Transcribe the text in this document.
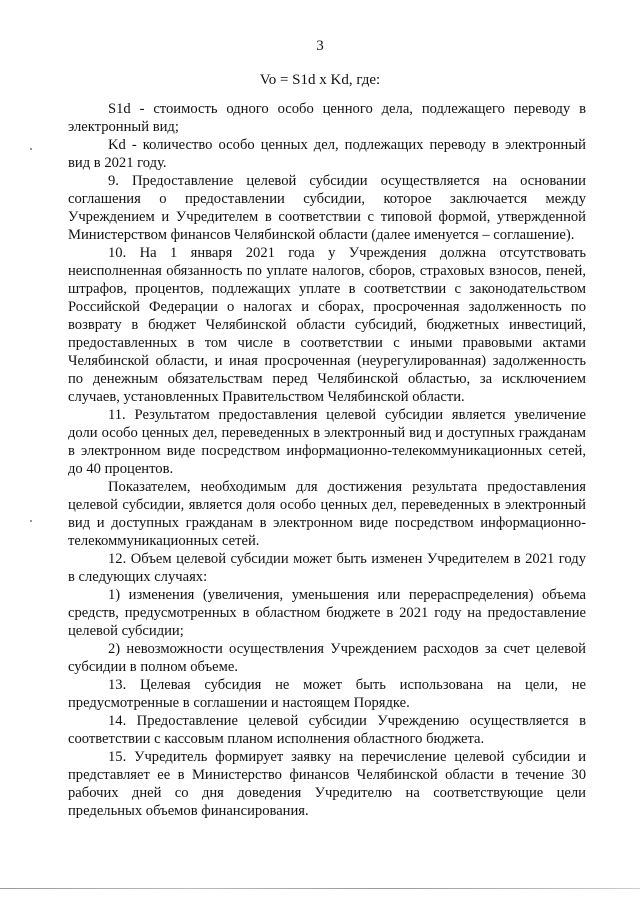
3
Vo = S1d x Kd, где:

S1d - стоимость одного особо ценного дела, подлежащего переводу в электронный вид;

Kd - количество особо ценных дел, подлежащих переводу в электронный вид в 2021 году.

9. Предоставление целевой субсидии осуществляется на основании соглашения о предоставлении субсидии, которое заключается между Учреждением и Учредителем в соответствии с типовой формой, утвержденной Министерством финансов Челябинской области (далее именуется – соглашение).

10. На 1 января 2021 года у Учреждения должна отсутствовать неисполненная обязанность по уплате налогов, сборов, страховых взносов, пеней, штрафов, процентов, подлежащих уплате в соответствии с законодательством Российской Федерации о налогах и сборах, просроченная задолженность по возврату в бюджет Челябинской области субсидий, бюджетных инвестиций, предоставленных в том числе в соответствии с иными правовыми актами Челябинской области, и иная просроченная (неурегулированная) задолженность по денежным обязательствам перед Челябинской областью, за исключением случаев, установленных Правительством Челябинской области.

11. Результатом предоставления целевой субсидии является увеличение доли особо ценных дел, переведенных в электронный вид и доступных гражданам в электронном виде посредством информационно-телекоммуникационных сетей, до 40 процентов.

Показателем, необходимым для достижения результата предоставления целевой субсидии, является доля особо ценных дел, переведенных в электронный вид и доступных гражданам в электронном виде посредством информационно-телекоммуникационных сетей.

12. Объем целевой субсидии может быть изменен Учредителем в 2021 году в следующих случаях:

1) изменения (увеличения, уменьшения или перераспределения) объема средств, предусмотренных в областном бюджете в 2021 году на предоставление целевой субсидии;

2) невозможности осуществления Учреждением расходов за счет целевой субсидии в полном объеме.

13. Целевая субсидия не может быть использована на цели, не предусмотренные в соглашении и настоящем Порядке.

14. Предоставление целевой субсидии Учреждению осуществляется в соответствии с кассовым планом исполнения областного бюджета.

15. Учредитель формирует заявку на перечисление целевой субсидии и представляет ее в Министерство финансов Челябинской области в течение 30 рабочих дней со дня доведения Учредителю на соответствующие цели предельных объемов финансирования.
